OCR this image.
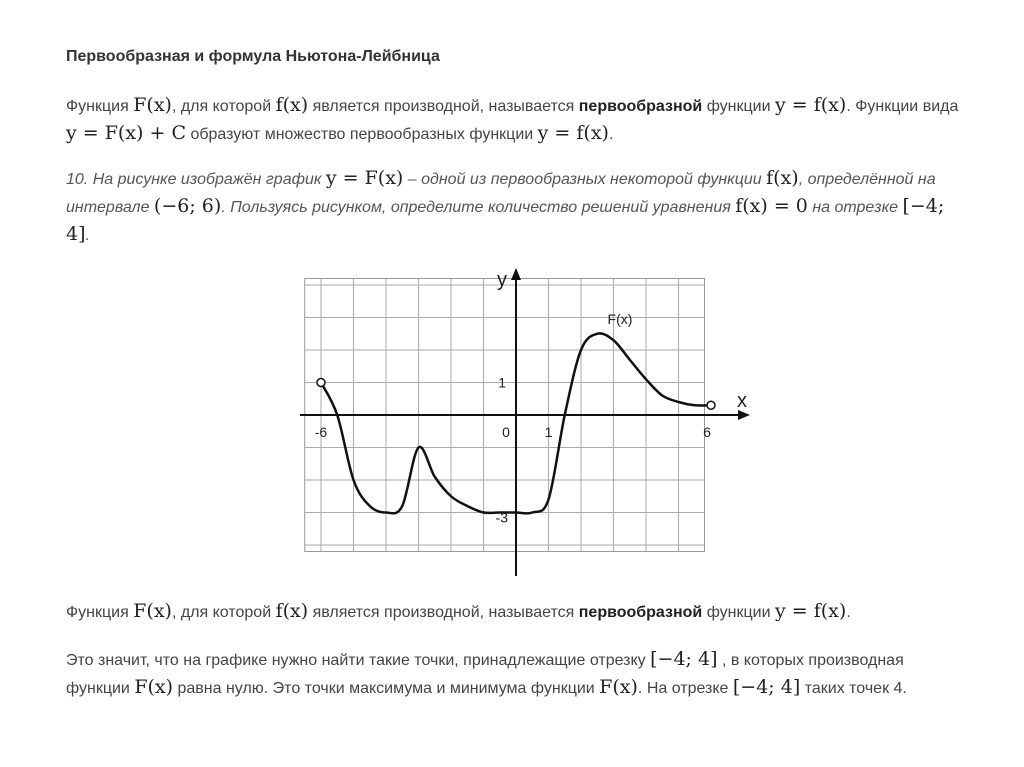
Первообразная и формула Ньютона-Лейбница
Функция F(x), для которой f(x) является производной, называется первообразной функции y = f(x). Функции вида y = F(x) + C образуют множество первообразных функции y = f(x).
10. На рисунке изображён график y = F(x) – одной из первообразных некоторой функции f(x), определённой на интервале (−6; 6). Пользуясь рисунком, определите количество решений уравнения f(x) = 0 на отрезке [−4; 4].
x
y
-6	0 1	6
1
-3
F(x)
Функция F(x), для которой f(x) является производной, называется первообразной функции y = f(x).
Это значит, что на графике нужно найти такие точки, принадлежащие отрезку [−4; 4] , в которых производная функции F(x) равна нулю. Это точки максимума и минимума функции F(x). На отрезке [−4; 4] таких точек 4.
